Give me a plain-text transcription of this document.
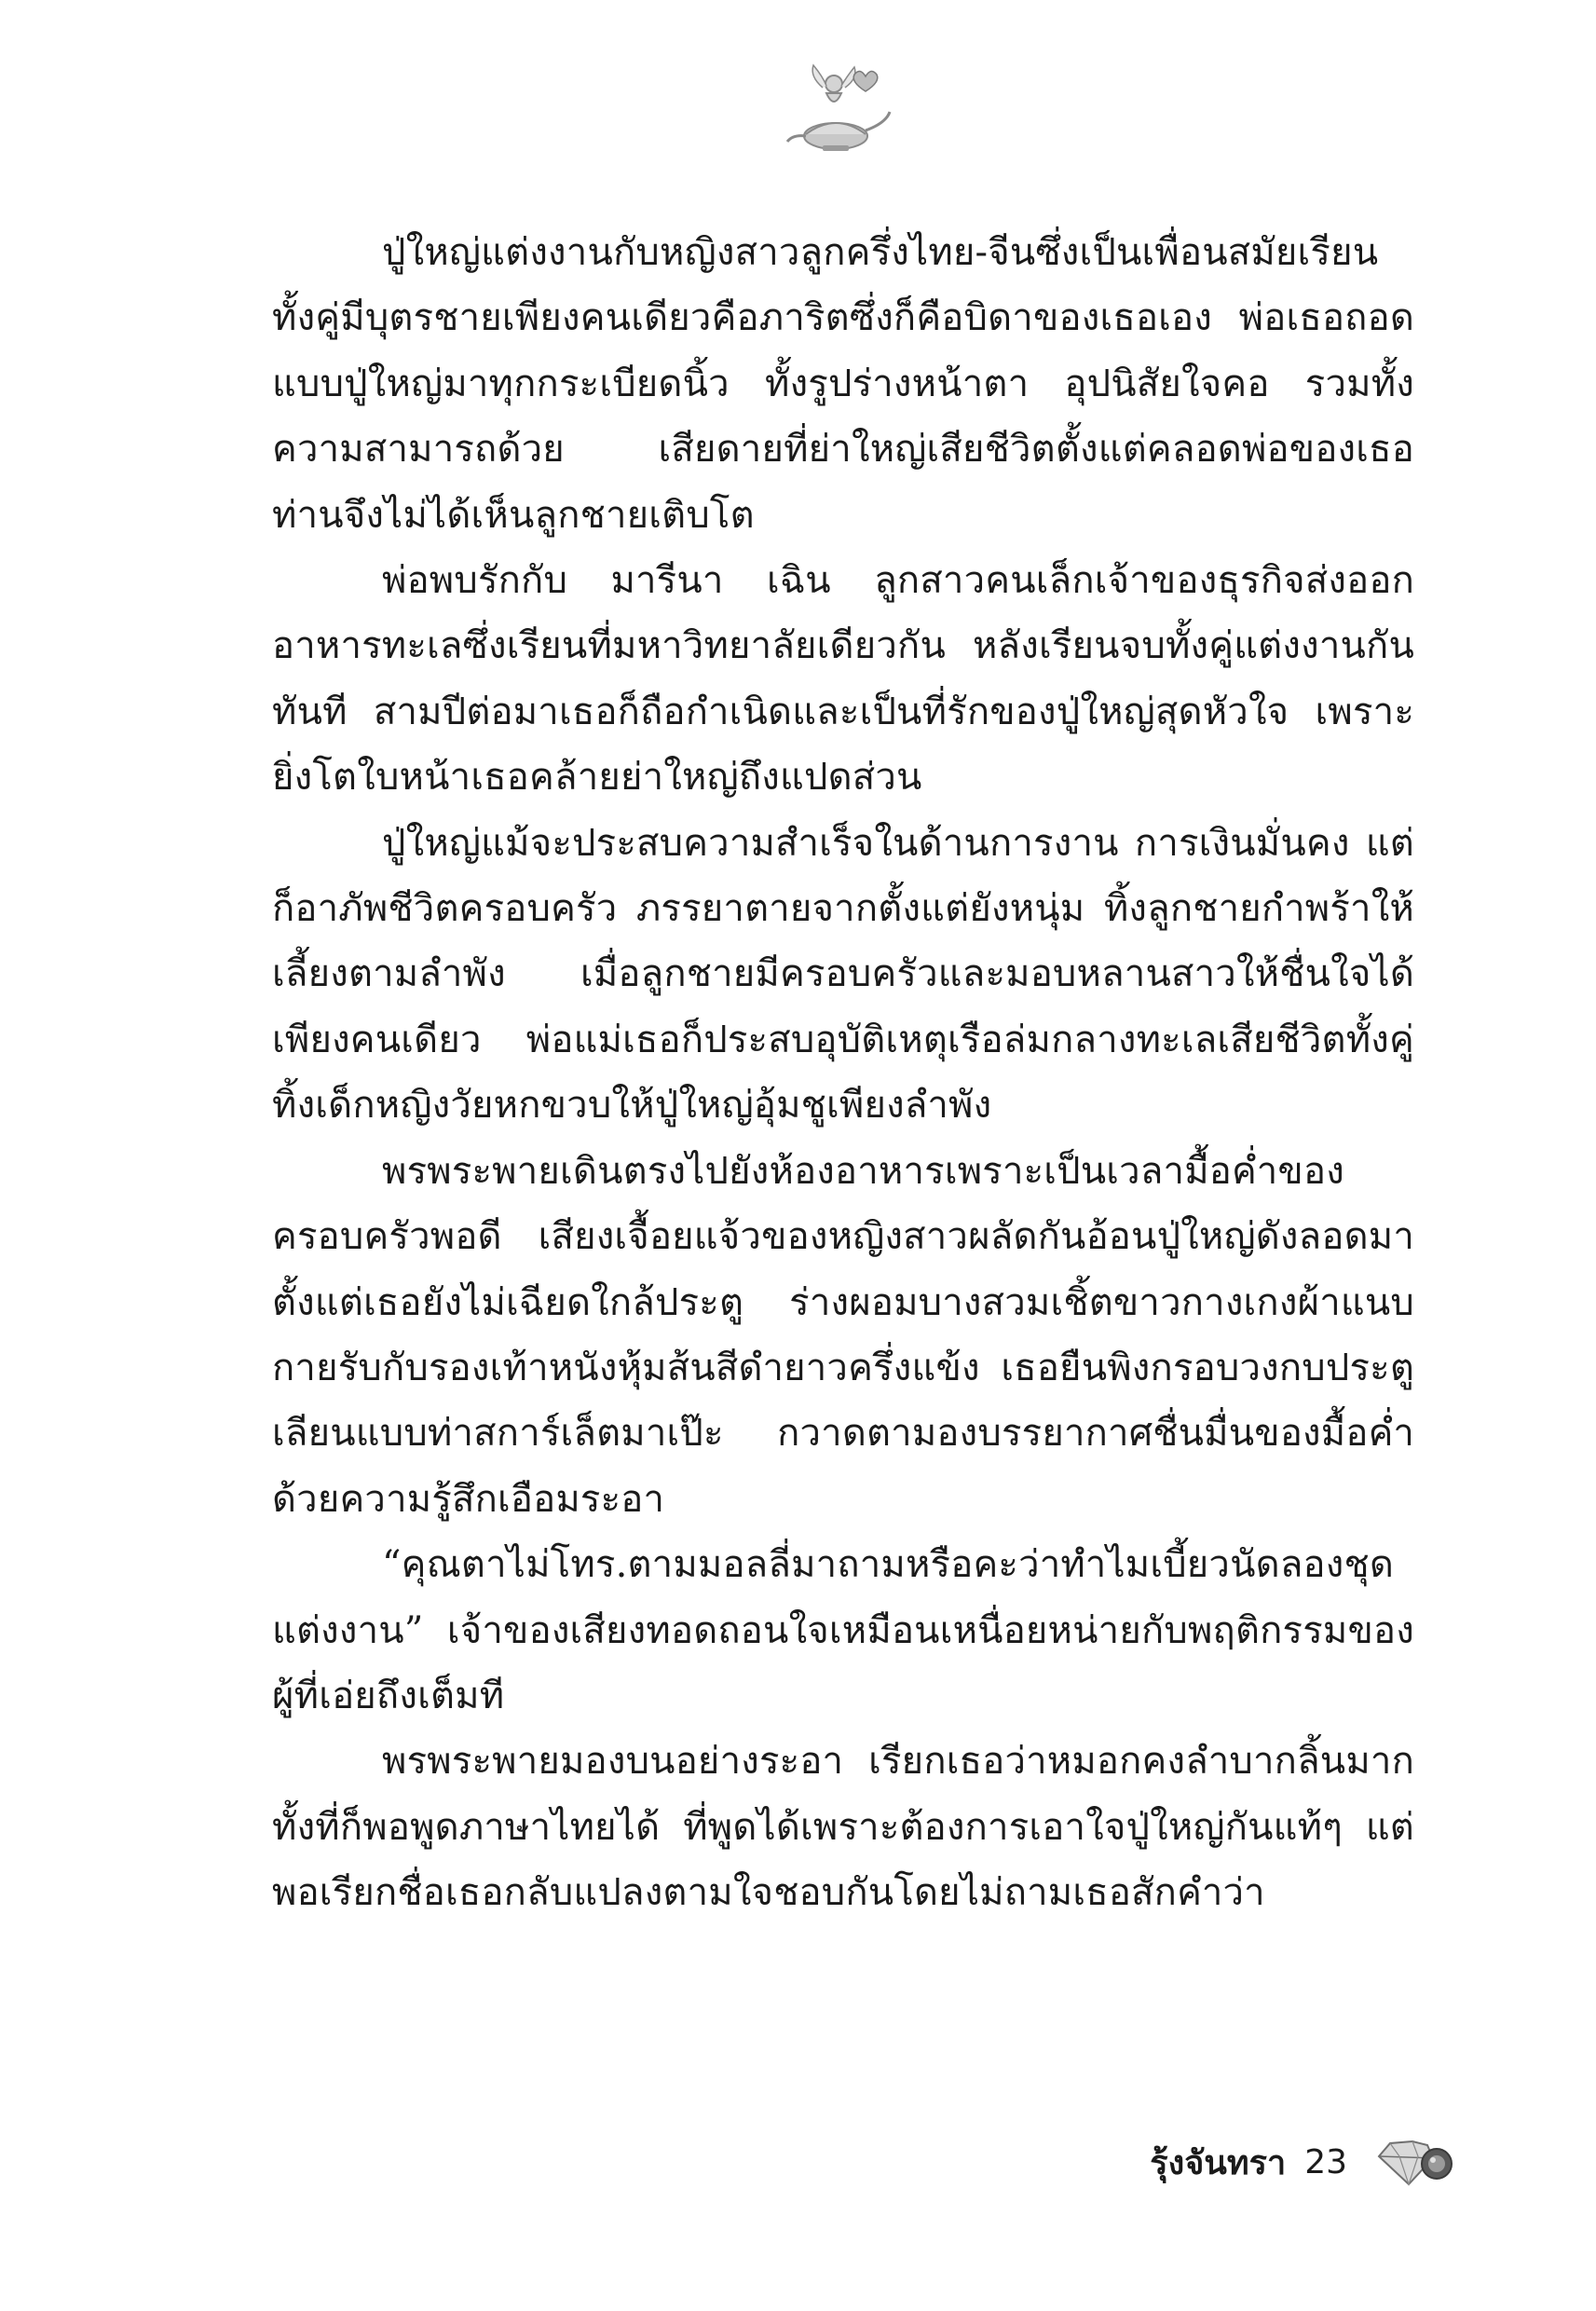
ปู่ใหญ่แต่งงานกับหญิงสาวลูกครึ่งไทย-จีนซึ่งเป็นเพื่อนสมัยเรียน ทั้งคู่มีบุตรชายเพียงคนเดียวคือภาริตซึ่งก็คือบิดาของเธอเอง พ่อเธอถอดแบบปู่ใหญ่มาทุกกระเบียดนิ้ว ทั้งรูปร่างหน้าตา อุปนิสัยใจคอ รวมทั้งความสามารถด้วย เสียดายที่ย่าใหญ่เสียชีวิตตั้งแต่คลอดพ่อของเธอ ท่านจึงไม่ได้เห็นลูกชายเติบโต

พ่อพบรักกับ มารีนา เฉิน ลูกสาวคนเล็กเจ้าของธุรกิจส่งออกอาหารทะเลซึ่งเรียนที่มหาวิทยาลัยเดียวกัน หลังเรียนจบทั้งคู่แต่งงานกันทันที สามปีต่อมาเธอก็ถือกำเนิดและเป็นที่รักของปู่ใหญ่สุดหัวใจ เพราะยิ่งโตใบหน้าเธอคล้ายย่าใหญ่ถึงแปดส่วน

ปู่ใหญ่แม้จะประสบความสำเร็จในด้านการงาน การเงินมั่นคง แต่ก็อาภัพชีวิตครอบครัว ภรรยาตายจากตั้งแต่ยังหนุ่ม ทิ้งลูกชายกำพร้าให้เลี้ยงตามลำพัง เมื่อลูกชายมีครอบครัวและมอบหลานสาวให้ชื่นใจได้เพียงคนเดียว พ่อแม่เธอก็ประสบอุบัติเหตุเรือล่มกลางทะเลเสียชีวิตทั้งคู่ ทิ้งเด็กหญิงวัยหกขวบให้ปู่ใหญ่อุ้มชูเพียงลำพัง

พรพระพายเดินตรงไปยังห้องอาหารเพราะเป็นเวลามื้อค่ำของครอบครัวพอดี เสียงเจื้อยแจ้วของหญิงสาวผลัดกันอ้อนปู่ใหญ่ดังลอดมาตั้งแต่เธอยังไม่เฉียดใกล้ประตู ร่างผอมบางสวมเชิ้ตขาวกางเกงผ้าแนบกายรับกับรองเท้าหนังหุ้มส้นสีดำยาวครึ่งแข้ง เธอยืนพิงกรอบวงกบประตูเลียนแบบท่าสการ์เล็ตมาเป๊ะ กวาดตามองบรรยากาศชื่นมื่นของมื้อค่ำด้วยความรู้สึกเอือมระอา

“คุณตาไม่โทร.ตามมอลลี่มาถามหรือคะว่าทำไมเบี้ยวนัดลองชุดแต่งงาน” เจ้าของเสียงทอดถอนใจเหมือนเหนื่อยหน่ายกับพฤติกรรมของผู้ที่เอ่ยถึงเต็มที

พรพระพายมองบนอย่างระอา เรียกเธอว่าหมอกคงลำบากลิ้นมาก ทั้งที่ก็พอพูดภาษาไทยได้ ที่พูดได้เพราะต้องการเอาใจปู่ใหญ่กันแท้ๆ แต่พอเรียกชื่อเธอกลับแปลงตามใจชอบกันโดยไม่ถามเธอสักคำว่า

รุ้งจันทรา 23
